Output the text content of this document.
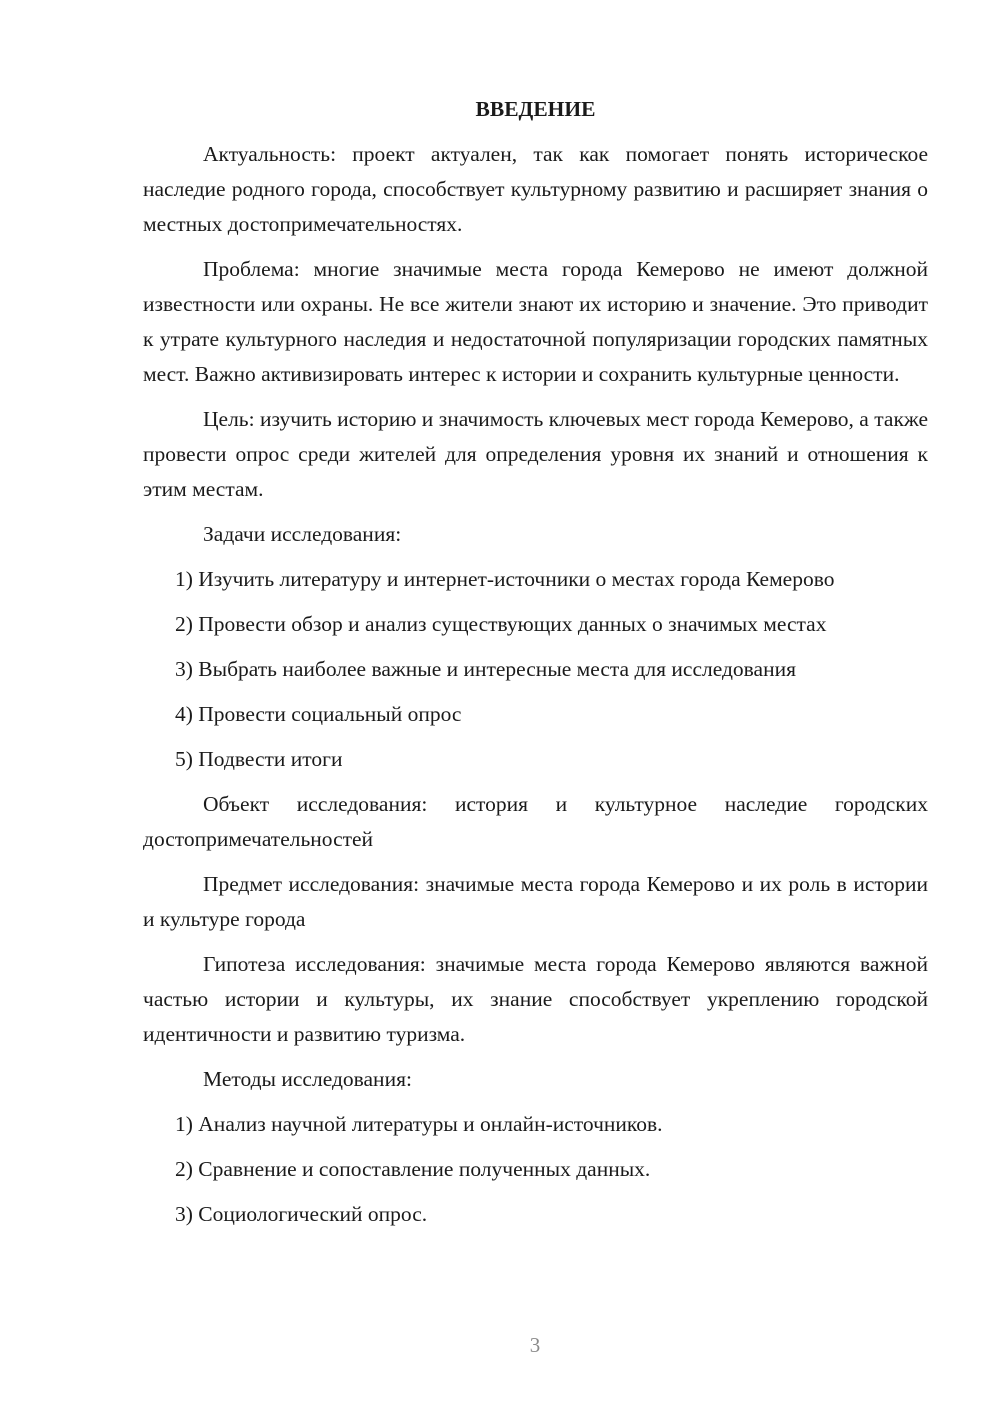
ВВЕДЕНИЕ

Актуальность: проект актуален, так как помогает понять историческое наследие родного города, способствует культурному развитию и расширяет знания о местных достопримечательностях.

Проблема: многие значимые места города Кемерово не имеют должной известности или охраны. Не все жители знают их историю и значение. Это приводит к утрате культурного наследия и недостаточной популяризации городских памятных мест. Важно активизировать интерес к истории и сохранить культурные ценности.

Цель: изучить историю и значимость ключевых мест города Кемерово, а также провести опрос среди жителей для определения уровня их знаний и отношения к этим местам.

Задачи исследования:

1) Изучить литературу и интернет-источники о местах города Кемерово

2) Провести обзор и анализ существующих данных о значимых местах

3) Выбрать наиболее важные и интересные места для исследования

4) Провести социальный опрос

5) Подвести итоги

Объект исследования: история и культурное наследие городских достопримечательностей

Предмет исследования: значимые места города Кемерово и их роль в истории и культуре города

Гипотеза исследования: значимые места города Кемерово являются важной частью истории и культуры, их знание способствует укреплению городской идентичности и развитию туризма.

Методы исследования:

1) Анализ научной литературы и онлайн-источников.

2) Сравнение и сопоставление полученных данных.

3) Социологический опрос.

3
